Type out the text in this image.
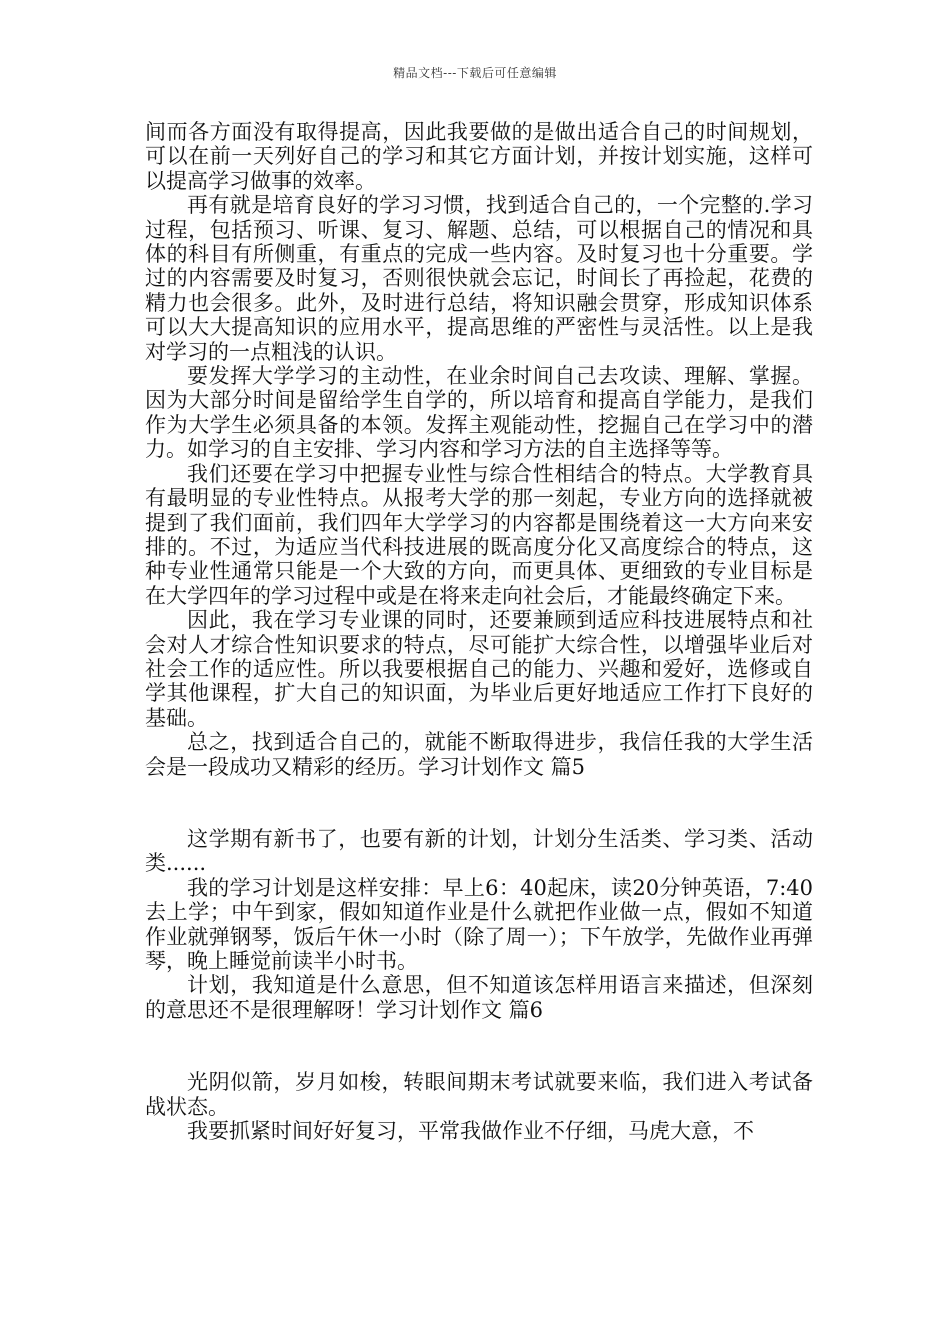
精品文档---下载后可任意编辑

间而各方面没有取得提高，因此我要做的是做出适合自己的时间规划，可以在前一天列好自己的学习和其它方面计划，并按计划实施，这样可以提高学习做事的效率。

再有就是培育良好的学习习惯，找到适合自己的，一个完整的.学习过程，包括预习、听课、复习、解题、总结，可以根据自己的情况和具体的科目有所侧重，有重点的完成一些内容。及时复习也十分重要。学过的内容需要及时复习，否则很快就会忘记，时间长了再捡起，花费的精力也会很多。此外，及时进行总结，将知识融会贯穿，形成知识体系可以大大提高知识的应用水平，提高思维的严密性与灵活性。以上是我对学习的一点粗浅的认识。

要发挥大学学习的主动性，在业余时间自己去攻读、理解、掌握。因为大部分时间是留给学生自学的，所以培育和提高自学能力，是我们作为大学生必须具备的本领。发挥主观能动性，挖掘自己在学习中的潜力。如学习的自主安排、学习内容和学习方法的自主选择等等。

我们还要在学习中把握专业性与综合性相结合的特点。大学教育具有最明显的专业性特点。从报考大学的那一刻起，专业方向的选择就被提到了我们面前，我们四年大学学习的内容都是围绕着这一大方向来安排的。不过，为适应当代科技进展的既高度分化又高度综合的特点，这种专业性通常只能是一个大致的方向，而更具体、更细致的专业目标是在大学四年的学习过程中或是在将来走向社会后，才能最终确定下来。

因此，我在学习专业课的同时，还要兼顾到适应科技进展特点和社会对人才综合性知识要求的特点，尽可能扩大综合性，以增强毕业后对社会工作的适应性。所以我要根据自己的能力、兴趣和爱好，选修或自学其他课程，扩大自己的知识面，为毕业后更好地适应工作打下良好的基础。

总之，找到适合自己的，就能不断取得进步，我信任我的大学生活会是一段成功又精彩的经历。学习计划作文 篇5

这学期有新书了，也要有新的计划，计划分生活类、学习类、活动类......

我的学习计划是这样安排：早上6：40起床，读20分钟英语，7:40去上学；中午到家，假如知道作业是什么就把作业做一点，假如不知道作业就弹钢琴，饭后午休一小时（除了周一）；下午放学，先做作业再弹琴，晚上睡觉前读半小时书。

计划，我知道是什么意思，但不知道该怎样用语言来描述，但深刻的意思还不是很理解呀！学习计划作文 篇6

光阴似箭，岁月如梭，转眼间期末考试就要来临，我们进入考试备战状态。

我要抓紧时间好好复习，平常我做作业不仔细，马虎大意，不
